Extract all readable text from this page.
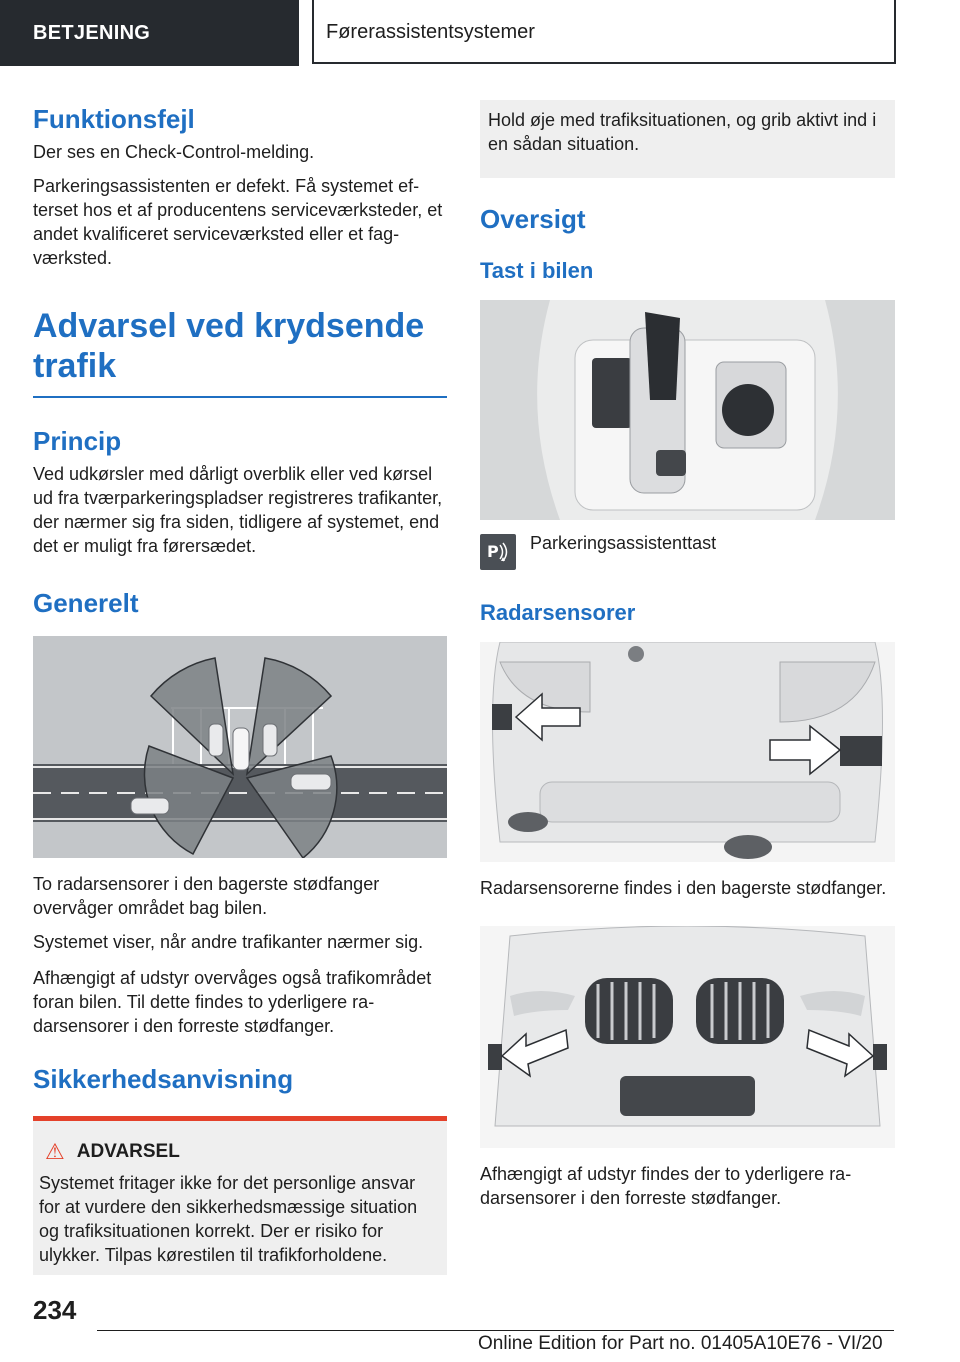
BETJENING	Førerassistentsystemer
Funktionsfejl

Der ses en Check-Control-melding.

Parkeringsassistenten er defekt. Få systemet efterset hos et af producentens serviceværksteder, et andet kvalificeret serviceværksted eller et fagværksted.

Advarsel ved krydsende trafik
Princip

Ved udkørsler med dårligt overblik eller ved kørsel ud fra tværparkeringspladser registreres trafikanter, der nærmer sig fra siden, tidligere af systemet, end det er muligt fra førersædet.

Generelt

To radarsensorer i den bagerste stødfanger overvåger området bag bilen.

Systemet viser, når andre trafikanter nærmer sig.

Afhængigt af udstyr overvåges også trafikområdet foran bilen. Til dette findes to yderligere radarsensorer i den forreste stødfanger.

Sikkerhedsanvisning
⚠ ADVARSEL

Systemet fritager ikke for det personlige ansvar for at vurdere den sikkerhedsmæssige situation og trafiksituationen korrekt. Der er risiko for ulykker. Tilpas kørestilen til trafikforholdene.

Hold øje med trafiksituationen, og grib aktivt ind i en sådan situation.

Oversigt
Tast i bilen
P Parkeringsassistenttast

Radarsensorer

Radarsensorerne findes i den bagerste stødfanger.

Afhængigt af udstyr findes der to yderligere radarsensorer i den forreste stødfanger.

234
Online Edition for Part no. 01405A10E76 - VI/20
